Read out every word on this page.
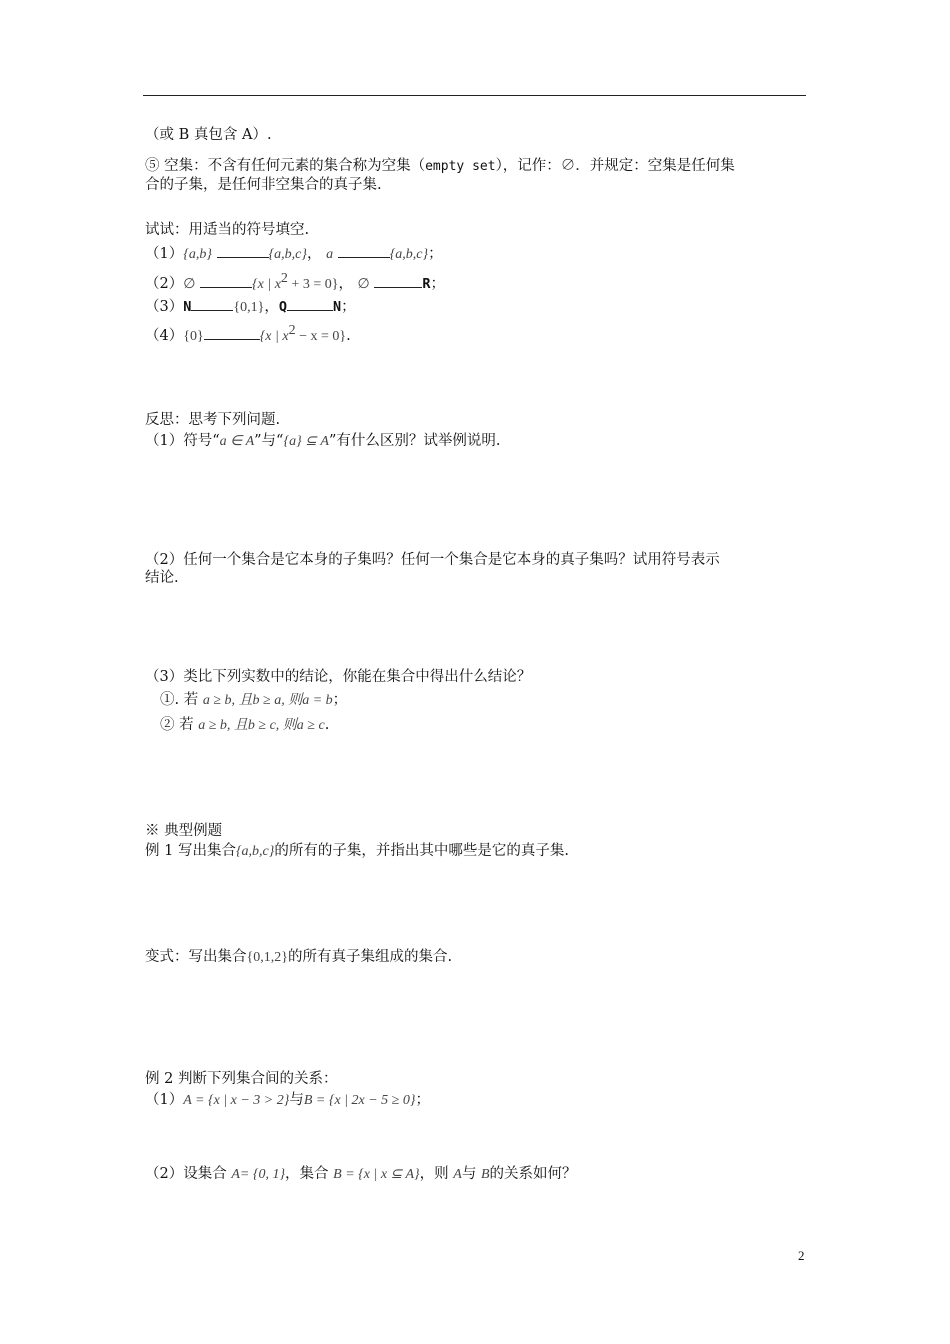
（或 B 真包含 A）.
⑤ 空集：不含有任何元素的集合称为空集（empty set），记作：∅．并规定：空集是任何集
合的子集，是任何非空集合的真子集.
试试：用适当的符号填空.
（1）{a,b}	{a,b,c}， a	{a,b,c}；
（2）∅	{x | $x^2 + 3 = 0$}， ∅	R；
（3）N	{0,1}，Q	N；
（4）{0}	{x | $x^2 - x = 0$}.
反思：思考下列问题.
（1）符号“a ∈ A”与“{a} ⊆ A”有什么区别？试举例说明.
（2）任何一个集合是它本身的子集吗？任何一个集合是它本身的真子集吗？试用符号表示
结论.
（3）类比下列实数中的结论，你能在集合中得出什么结论？
①. 若 a ≥ b, 且b ≥ a, 则a = b；
② 若 a ≥ b, 且b ≥ c, 则a ≥ c.
※ 典型例题
例 1 写出集合{a,b,c}的所有的子集，并指出其中哪些是它的真子集.
变式：写出集合{0,1,2}的所有真子集组成的集合.
例 2 判断下列集合间的关系：
（1）A = {x | x − 3 > 2}与B = {x | 2x − 5 ≥ 0}；
（2）设集合 A= {0, 1}，集合 B = {x | x ⊆ A}，则 A与 B的关系如何？
2
